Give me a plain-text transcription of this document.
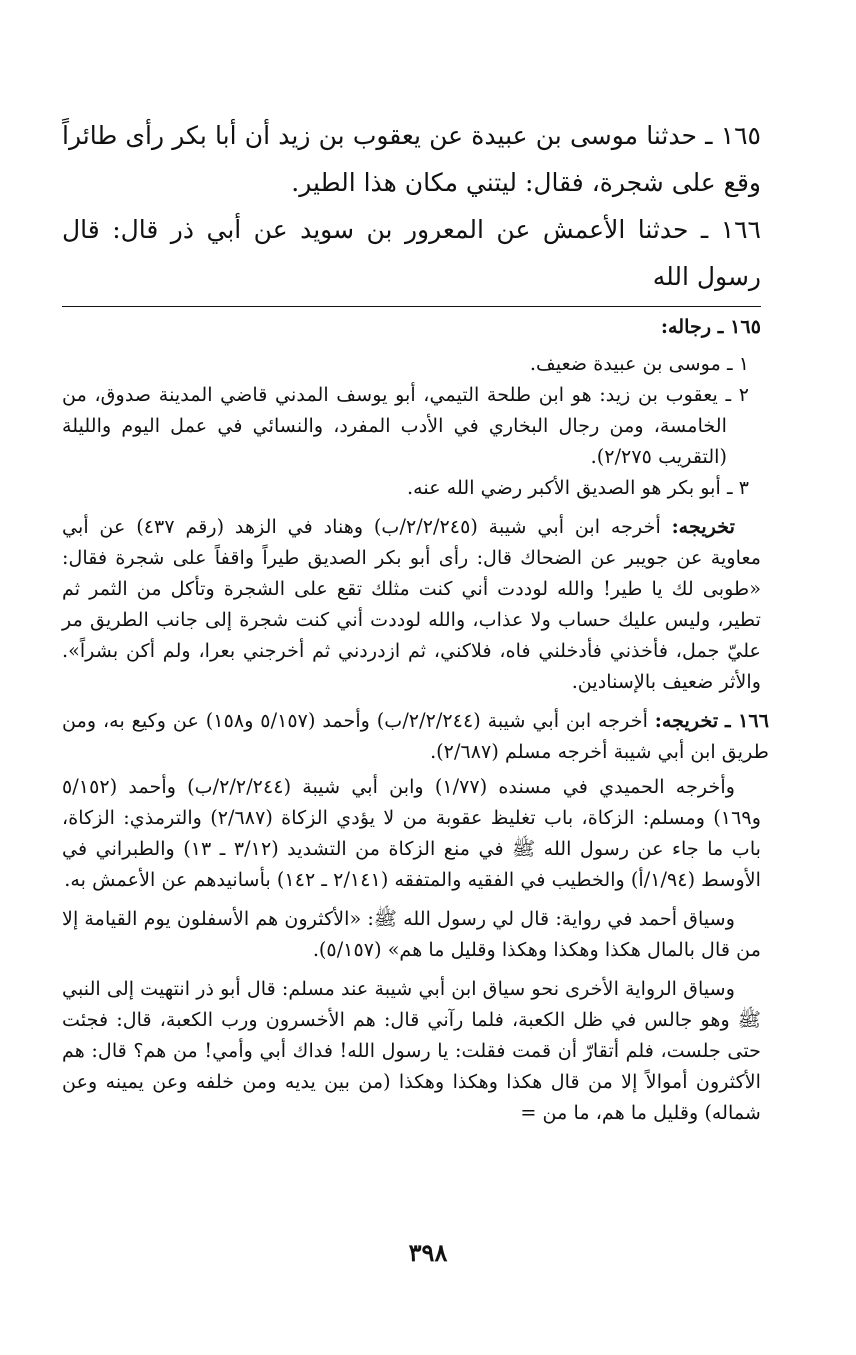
١٦٥ ـ حدثنا موسى بن عبيدة عن يعقوب بن زيد أن أبا بكر رأى طائراً وقع على شجرة، فقال: ليتني مكان هذا الطير.

١٦٦ ـ حدثنا الأعمش عن المعرور بن سويد عن أبي ذر قال: قال رسول الله

١٦٥ ـ رجاله:

١ ـ موسى بن عبيدة ضعيف.

٢ ـ يعقوب بن زيد: هو ابن طلحة التيمي، أبو يوسف المدني قاضي المدينة صدوق، من الخامسة، ومن رجال البخاري في الأدب المفرد، والنسائي في عمل اليوم والليلة (التقريب ٢/٢٧٥).

٣ ـ أبو بكر هو الصديق الأكبر رضي الله عنه.

تخريجه: أخرجه ابن أبي شيبة (٢/٢/٢٤٥/ب) وهناد في الزهد (رقم ٤٣٧) عن أبي معاوية عن جويبر عن الضحاك قال: رأى أبو بكر الصديق طيراً واقفاً على شجرة فقال: «طوبى لك يا طير! والله لوددت أني كنت مثلك تقع على الشجرة وتأكل من الثمر ثم تطير، وليس عليك حساب ولا عذاب، والله لوددت أني كنت شجرة إلى جانب الطريق مر عليّ جمل، فأخذني فأدخلني فاه، فلاكني، ثم ازدردني ثم أخرجني بعرا، ولم أكن بشراً». والأثر ضعيف بالإسنادين.

١٦٦ ـ تخريجه: أخرجه ابن أبي شيبة (٢/٢/٢٤٤/ب) وأحمد (٥/١٥٧ و١٥٨) عن وكيع به، ومن طريق ابن أبي شيبة أخرجه مسلم (٢/٦٨٧).

وأخرجه الحميدي في مسنده (١/٧٧) وابن أبي شيبة (٢/٢/٢٤٤/ب) وأحمد (٥/١٥٢ و١٦٩) ومسلم: الزكاة، باب تغليظ عقوبة من لا يؤدي الزكاة (٢/٦٨٧) والترمذي: الزكاة، باب ما جاء عن رسول الله ﷺ في منع الزكاة من التشديد (٣/١٢ ـ ١٣) والطبراني في الأوسط (١/٩٤/أ) والخطيب في الفقيه والمتفقه (٢/١٤١ ـ ١٤٢) بأسانيدهم عن الأعمش به.

وسياق أحمد في رواية: قال لي رسول الله ﷺ: «الأكثرون هم الأسفلون يوم القيامة إلا من قال بالمال هكذا وهكذا وهكذا وقليل ما هم» (٥/١٥٧).

وسياق الرواية الأخرى نحو سياق ابن أبي شيبة عند مسلم: قال أبو ذر انتهيت إلى النبي ﷺ وهو جالس في ظل الكعبة، فلما رآني قال: هم الأخسرون ورب الكعبة، قال: فجئت حتى جلست، فلم أتقارّ أن قمت فقلت: يا رسول الله! فداك أبي وأمي! من هم؟ قال: هم الأكثرون أموالاً إلا من قال هكذا وهكذا وهكذا (من بين يديه ومن خلفه وعن يمينه وعن شماله) وقليل ما هم، ما من =

٣٩٨
